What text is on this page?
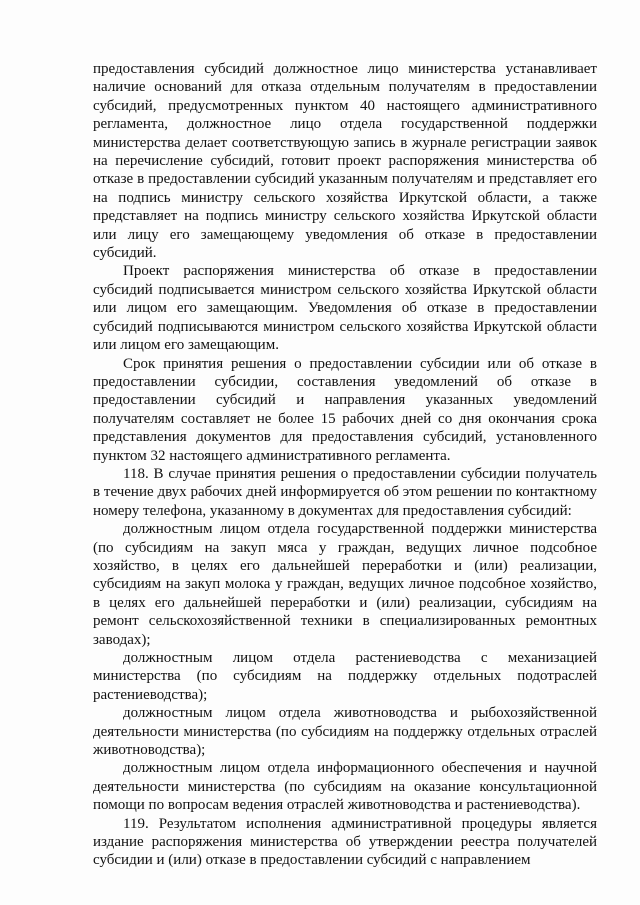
предоставления субсидий должностное лицо министерства устанавливает наличие оснований для отказа отдельным получателям в предоставлении субсидий, предусмотренных пунктом 40 настоящего административного регламента, должностное лицо отдела государственной поддержки министерства делает соответствующую запись в журнале регистрации заявок на перечисление субсидий, готовит проект распоряжения министерства об отказе в предоставлении субсидий указанным получателям и представляет его на подпись министру сельского хозяйства Иркутской области, а также представляет на подпись министру сельского хозяйства Иркутской области или лицу его замещающему уведомления об отказе в предоставлении субсидий.

Проект распоряжения министерства об отказе в предоставлении субсидий подписывается министром сельского хозяйства Иркутской области или лицом его замещающим. Уведомления об отказе в предоставлении субсидий подписываются министром сельского хозяйства Иркутской области или лицом его замещающим.

Срок принятия решения о предоставлении субсидии или об отказе в предоставлении субсидии, составления уведомлений об отказе в предоставлении субсидий и направления указанных уведомлений получателям составляет не более 15 рабочих дней со дня окончания срока представления документов для предоставления субсидий, установленного пунктом 32 настоящего административного регламента.

118. В случае принятия решения о предоставлении субсидии получатель в течение двух рабочих дней информируется об этом решении по контактному номеру телефона, указанному в документах для предоставления субсидий:

должностным лицом отдела государственной поддержки министерства (по субсидиям на закуп мяса у граждан, ведущих личное подсобное хозяйство, в целях его дальнейшей переработки и (или) реализации, субсидиям на закуп молока у граждан, ведущих личное подсобное хозяйство, в целях его дальнейшей переработки и (или) реализации, субсидиям на ремонт сельскохозяйственной техники в специализированных ремонтных заводах);

должностным лицом отдела растениеводства с механизацией министерства (по субсидиям на поддержку отдельных подотраслей растениеводства);

должностным лицом отдела животноводства и рыбохозяйственной деятельности министерства (по субсидиям на поддержку отдельных отраслей животноводства);

должностным лицом отдела информационного обеспечения и научной деятельности министерства (по субсидиям на оказание консультационной помощи по вопросам ведения отраслей животноводства и растениеводства).

119. Результатом исполнения административной процедуры является издание распоряжения министерства об утверждении реестра получателей субсидии и (или) отказе в предоставлении субсидий с направлением
